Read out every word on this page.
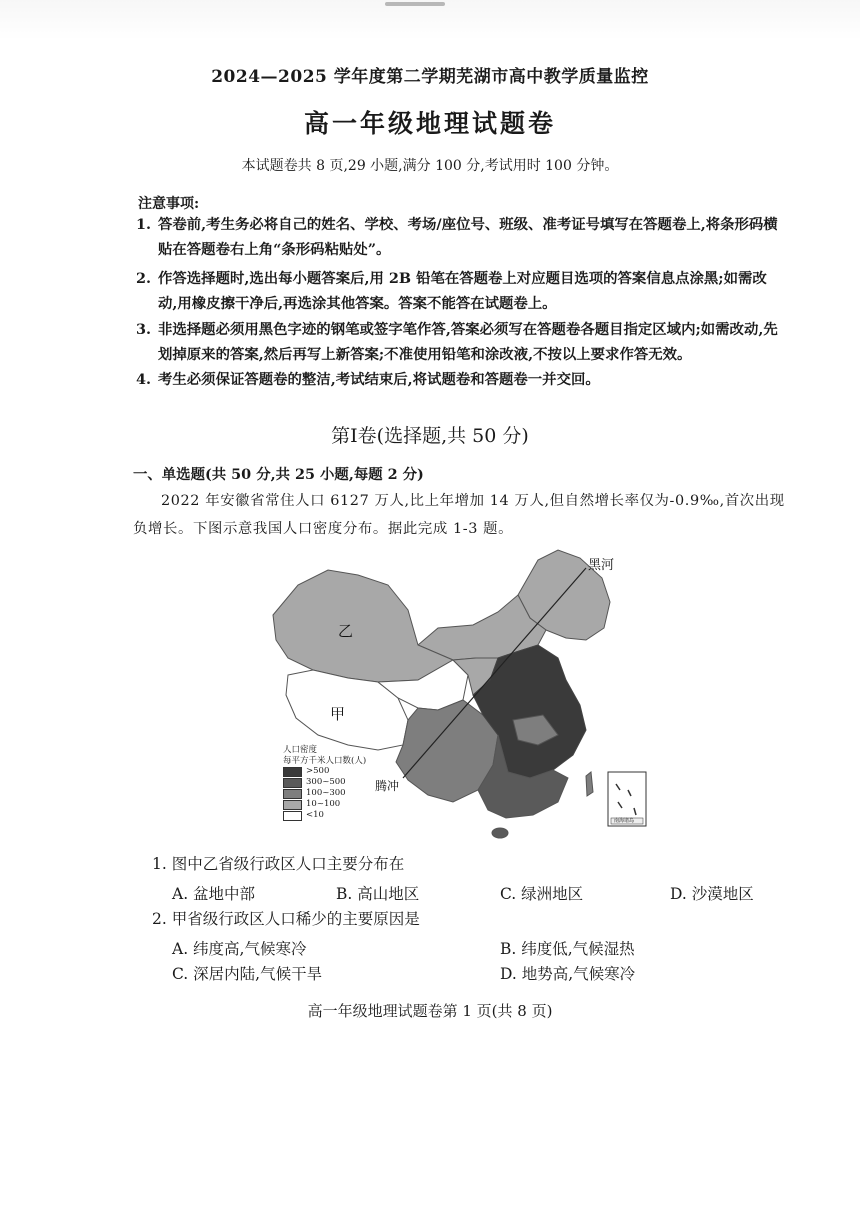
2024—2025 学年度第二学期芜湖市高中教学质量监控
高一年级地理试题卷
本试题卷共 8 页,29 小题,满分 100 分,考试用时 100 分钟。
注意事项:
1. 答卷前,考生务必将自己的姓名、学校、考场/座位号、班级、准考证号填写在答题卷上,将条形码横贴在答题卷右上角“条形码粘贴处”。
2. 作答选择题时,选出每小题答案后,用 2B 铅笔在答题卷上对应题目选项的答案信息点涂黑;如需改动,用橡皮擦干净后,再选涂其他答案。答案不能答在试题卷上。
3. 非选择题必须用黑色字迹的钢笔或签字笔作答,答案必须写在答题卷各题目指定区域内;如需改动,先划掉原来的答案,然后再写上新答案;不准使用铅笔和涂改液,不按以上要求作答无效。
4. 考生必须保证答题卷的整洁,考试结束后,将试题卷和答题卷一并交回。
第Ⅰ卷(选择题,共 50 分)
一、单选题(共 50 分,共 25 小题,每题 2 分)
2022 年安徽省常住人口 6127 万人,比上年增加 14 万人,但自然增长率仅为-0.9‰,首次出现负增长。下图示意我国人口密度分布。据此完成 1-3 题。
黑河
乙
甲
腾冲
南海诸岛
人口密度
每平方千米人口数(人)
>500
300~500
100~300
10~100
<10
1. 图中乙省级行政区人口主要分布在
A. 盆地中部	B. 高山地区	C. 绿洲地区	D. 沙漠地区
2. 甲省级行政区人口稀少的主要原因是
A. 纬度高,气候寒冷	B. 纬度低,气候湿热
C. 深居内陆,气候干旱	D. 地势高,气候寒冷
高一年级地理试题卷第 1 页(共 8 页)
